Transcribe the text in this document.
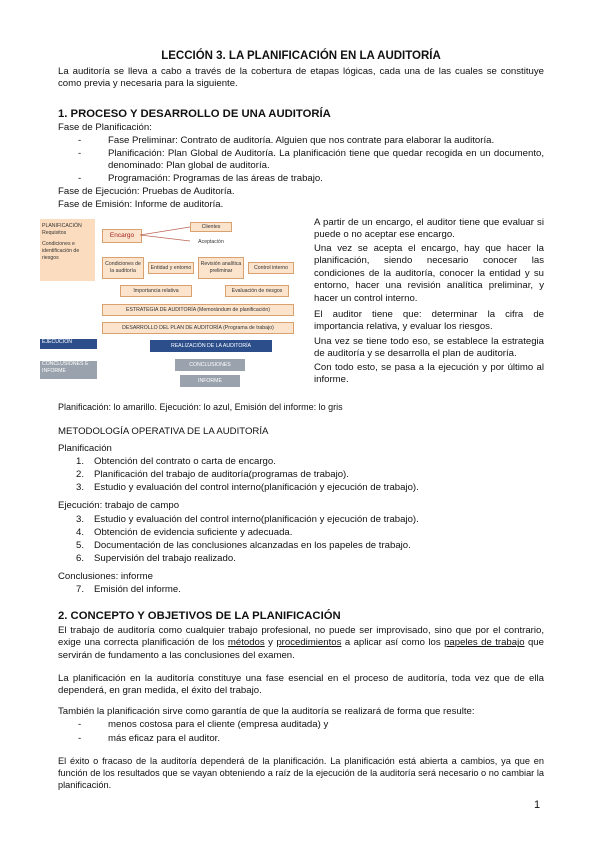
LECCIÓN 3. LA PLANIFICACIÓN EN LA AUDITORÍA
La auditoría se lleva a cabo a través de la cobertura de etapas lógicas, cada una de las cuales se constituye como previa y necesaria para la siguiente.
1. PROCESO Y DESARROLLO DE UNA AUDITORÍA
Fase de Planificación:
-	Fase Preliminar: Contrato de auditoría. Alguien que nos contrate para elaborar la auditoría.
-	Planificación: Plan Global de Auditoría. La planificación tiene que quedar recogida en un documento, denominado: Plan global de auditoría.
-	Programación: Programas de las áreas de trabajo.
Fase de Ejecución: Pruebas de Auditoría.
Fase de Emisión: Informe de auditoría.
PLANIFICACIÓN Requisitos
Condiciones e identificación de riesgos
EJECUCIÓN
CONCLUSIONES E INFORME
Encargo
Clientes
Aceptación
Condiciones de la auditoría
Entidad y entorno
Revisión analítica preliminar
Control interno
Importancia relativa	Evaluación de riesgos
ESTRATEGIA DE AUDITORÍA (Memorándum de planificación)
DESARROLLO DEL PLAN DE AUDITORÍA (Programa de trabajo)
REALIZACIÓN DE LA AUDITORÍA
CONCLUSIONES
INFORME
A partir de un encargo, el auditor tiene que evaluar si puede o no aceptar ese encargo.
Una vez se acepta el encargo, hay que hacer la planificación, siendo necesario conocer las condiciones de la auditoría, conocer la entidad y su entorno, hacer una revisión analítica preliminar, y hacer un control interno.
El auditor tiene que: determinar la cifra de importancia relativa, y evaluar los riesgos.
Una vez se tiene todo eso, se establece la estrategia de auditoría y se desarrolla el plan de auditoría.
Con todo esto, se pasa a la ejecución y por último al informe.
Planificación: lo amarillo. Ejecución: lo azul, Emisión del informe: lo gris
METODOLOGÍA OPERATIVA DE LA AUDITORÍA
Planificación
1. Obtención del contrato o carta de encargo.
2. Planificación del trabajo de auditoría(programas de trabajo).
3. Estudio y evaluación del control interno(planificación y ejecución de trabajo).
Ejecución: trabajo de campo
3. Estudio y evaluación del control interno(planificación y ejecución de trabajo).
4. Obtención de evidencia suficiente y adecuada.
5. Documentación de las conclusiones alcanzadas en los papeles de trabajo.
6. Supervisión del trabajo realizado.
Conclusiones: informe
7. Emisión del informe.
2. CONCEPTO Y OBJETIVOS DE LA PLANIFICACIÓN
El trabajo de auditoría como cualquier trabajo profesional, no puede ser improvisado, sino que por el contrario, exige una correcta planificación de los métodos y procedimientos a aplicar así como los papeles de trabajo que servirán de fundamento a las conclusiones del examen.
La planificación en la auditoría constituye una fase esencial en el proceso de auditoría, toda vez que de ella dependerá, en gran medida, el éxito del trabajo.
También la planificación sirve como garantía de que la auditoría se realizará de forma que resulte:
-	menos costosa para el cliente (empresa auditada) y
-	más eficaz para el auditor.
El éxito o fracaso de la auditoría dependerá de la planificación. La planificación está abierta a cambios, ya que en función de los resultados que se vayan obteniendo a raíz de la ejecución de la auditoría será necesario o no cambiar la planificación.
1
